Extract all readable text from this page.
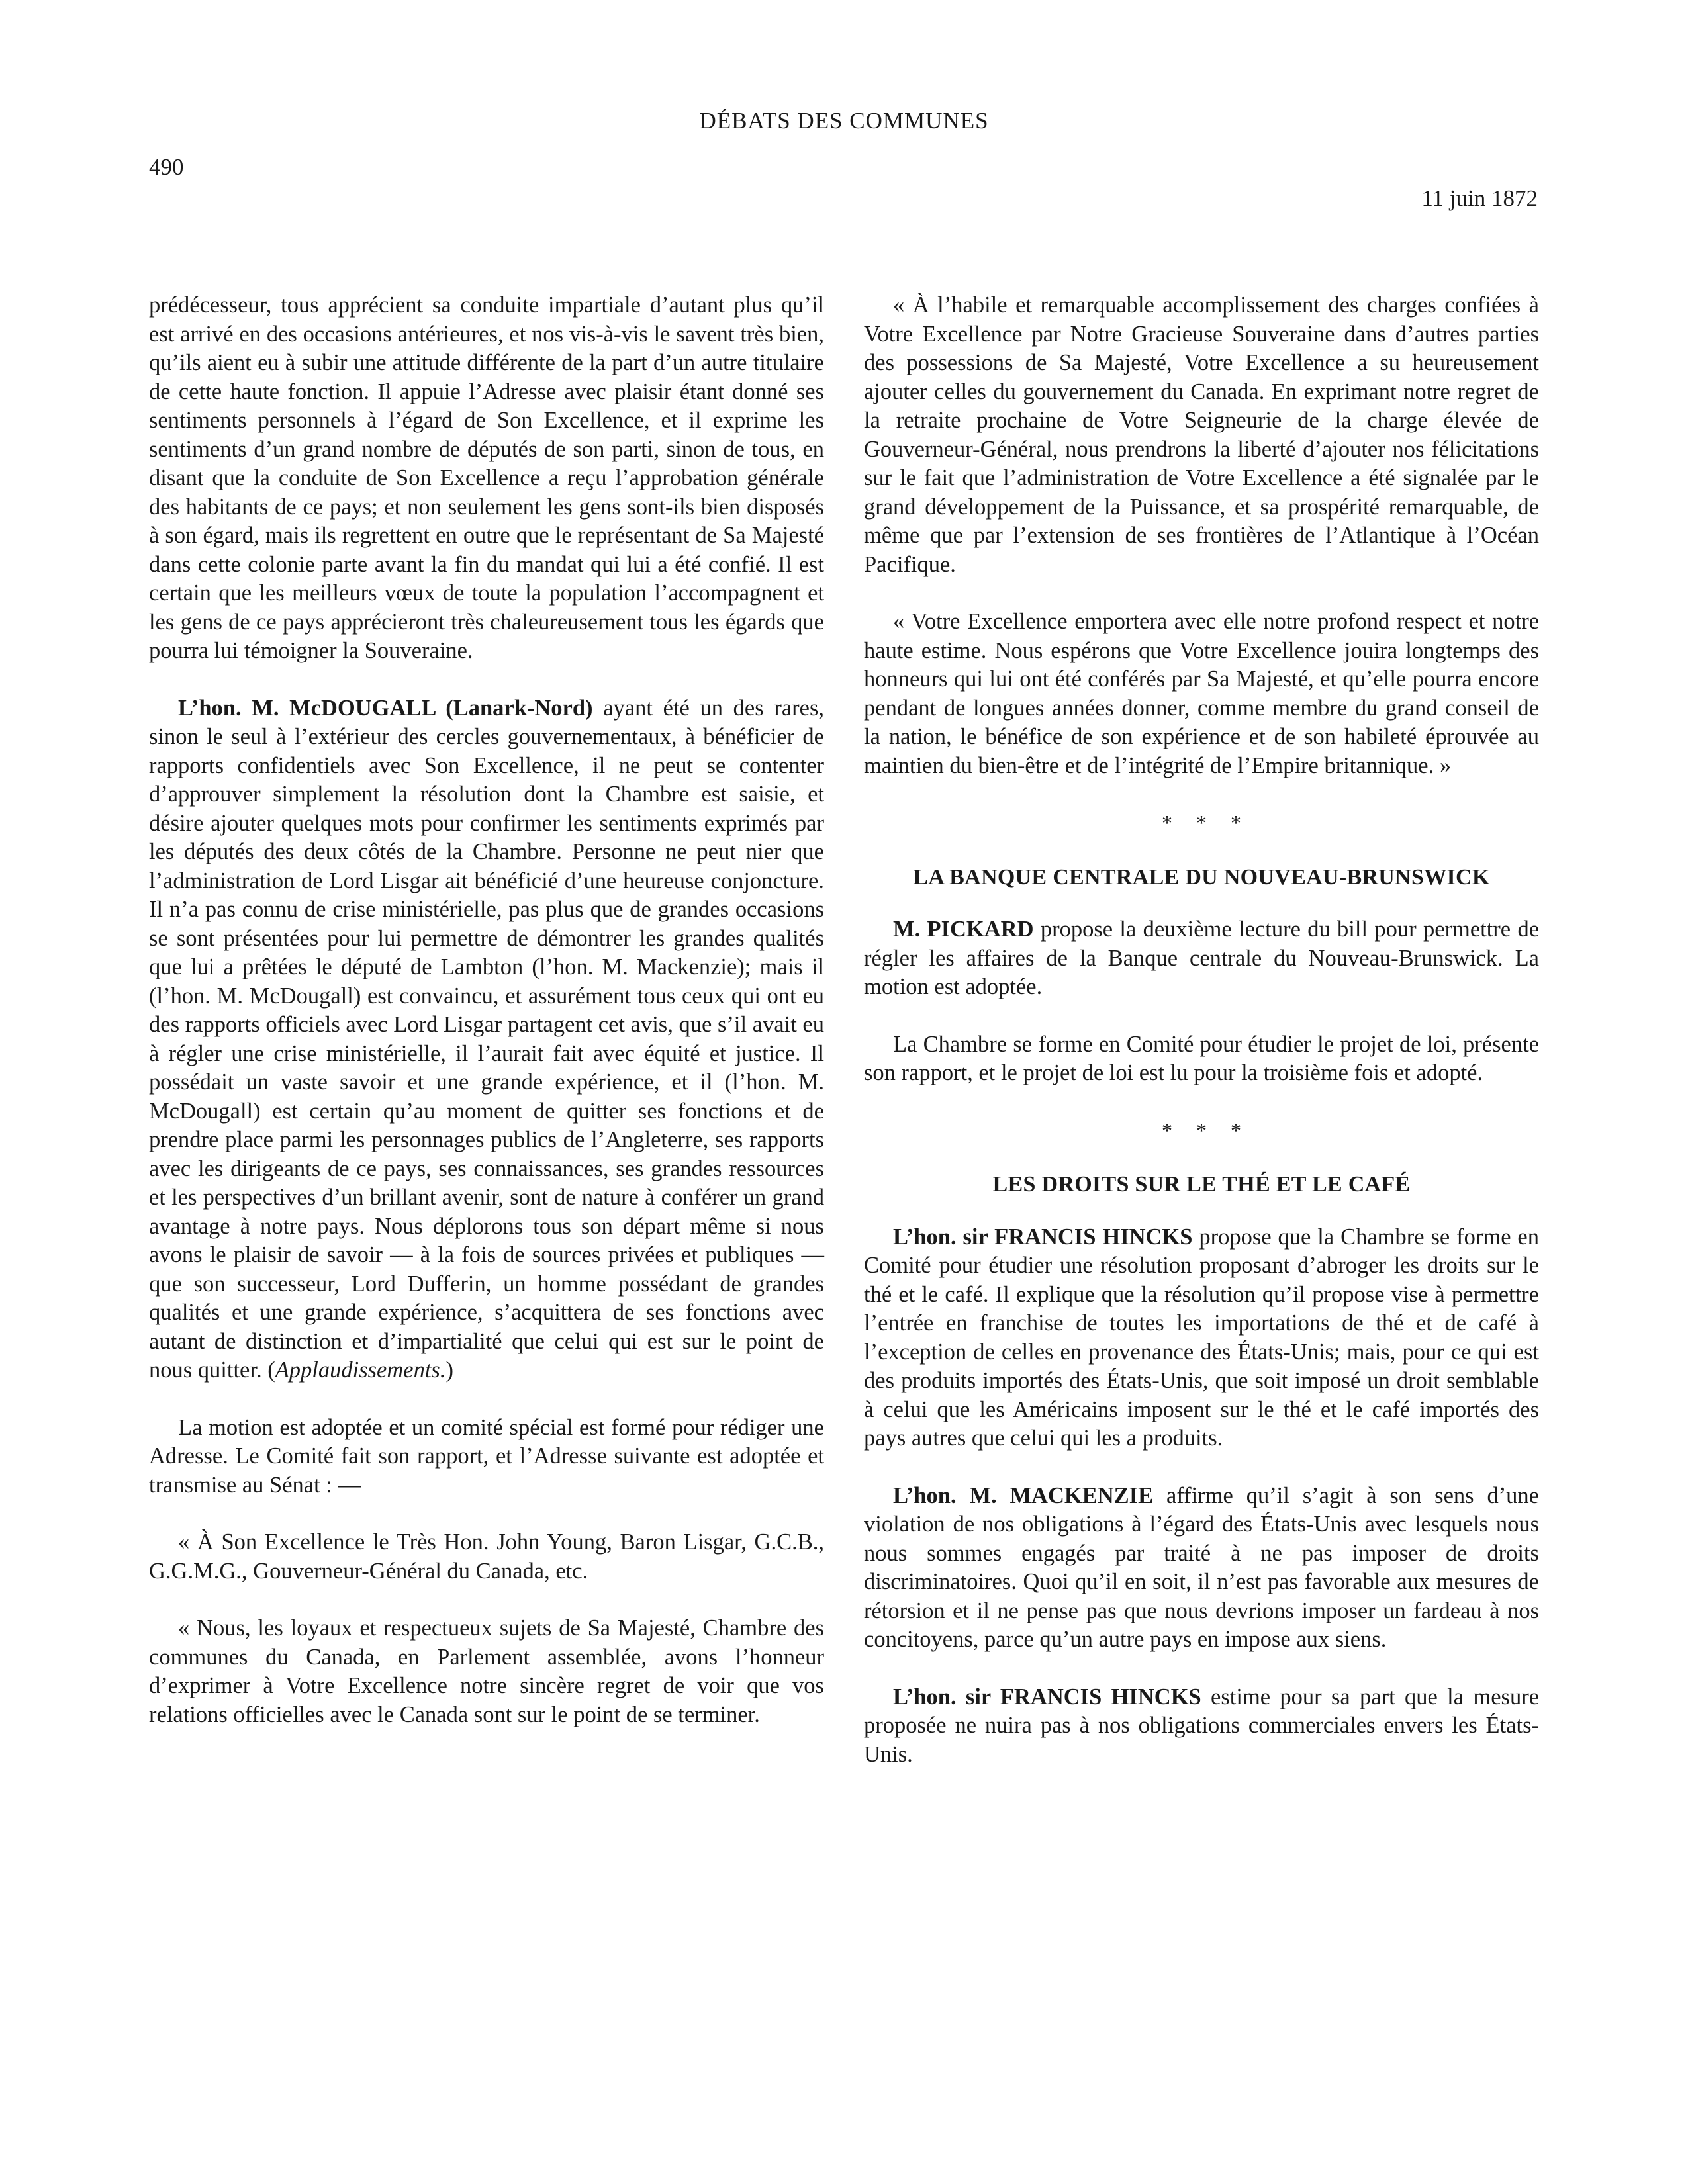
DÉBATS DES COMMUNES
490
11 juin 1872

prédécesseur, tous apprécient sa conduite impartiale d’autant plus qu’il est arrivé en des occasions antérieures, et nos vis-à-vis le savent très bien, qu’ils aient eu à subir une attitude différente de la part d’un autre titulaire de cette haute fonction. Il appuie l’Adresse avec plaisir étant donné ses sentiments personnels à l’égard de Son Excellence, et il exprime les sentiments d’un grand nombre de députés de son parti, sinon de tous, en disant que la conduite de Son Excellence a reçu l’approbation générale des habitants de ce pays; et non seulement les gens sont-ils bien disposés à son égard, mais ils regrettent en outre que le représentant de Sa Majesté dans cette colonie parte avant la fin du mandat qui lui a été confié. Il est certain que les meilleurs vœux de toute la population l’accompagnent et les gens de ce pays apprécieront très chaleureusement tous les égards que pourra lui témoigner la Souveraine.

L’hon. M. McDOUGALL (Lanark-Nord) ayant été un des rares, sinon le seul à l’extérieur des cercles gouvernementaux, à bénéficier de rapports confidentiels avec Son Excellence, il ne peut se contenter d’approuver simplement la résolution dont la Chambre est saisie, et désire ajouter quelques mots pour confirmer les sentiments exprimés par les députés des deux côtés de la Chambre. Personne ne peut nier que l’administration de Lord Lisgar ait bénéficié d’une heureuse conjoncture. Il n’a pas connu de crise ministérielle, pas plus que de grandes occasions se sont présentées pour lui permettre de démontrer les grandes qualités que lui a prêtées le député de Lambton (l’hon. M. Mackenzie); mais il (l’hon. M. McDougall) est convaincu, et assurément tous ceux qui ont eu des rapports officiels avec Lord Lisgar partagent cet avis, que s’il avait eu à régler une crise ministérielle, il l’aurait fait avec équité et justice. Il possédait un vaste savoir et une grande expérience, et il (l’hon. M. McDougall) est certain qu’au moment de quitter ses fonctions et de prendre place parmi les personnages publics de l’Angleterre, ses rapports avec les dirigeants de ce pays, ses connaissances, ses grandes ressources et les perspectives d’un brillant avenir, sont de nature à conférer un grand avantage à notre pays. Nous déplorons tous son départ même si nous avons le plaisir de savoir — à la fois de sources privées et publiques — que son successeur, Lord Dufferin, un homme possédant de grandes qualités et une grande expérience, s’acquittera de ses fonctions avec autant de distinction et d’impartialité que celui qui est sur le point de nous quitter. (Applaudissements.)

La motion est adoptée et un comité spécial est formé pour rédiger une Adresse. Le Comité fait son rapport, et l’Adresse suivante est adoptée et transmise au Sénat : —

« À Son Excellence le Très Hon. John Young, Baron Lisgar, G.C.B., G.G.M.G., Gouverneur-Général du Canada, etc.

« Nous, les loyaux et respectueux sujets de Sa Majesté, Chambre des communes du Canada, en Parlement assemblée, avons l’honneur d’exprimer à Votre Excellence notre sincère regret de voir que vos relations officielles avec le Canada sont sur le point de se terminer.

« À l’habile et remarquable accomplissement des charges confiées à Votre Excellence par Notre Gracieuse Souveraine dans d’autres parties des possessions de Sa Majesté, Votre Excellence a su heureusement ajouter celles du gouvernement du Canada. En exprimant notre regret de la retraite prochaine de Votre Seigneurie de la charge élevée de Gouverneur-Général, nous prendrons la liberté d’ajouter nos félicitations sur le fait que l’administration de Votre Excellence a été signalée par le grand développement de la Puissance, et sa prospérité remarquable, de même que par l’extension de ses frontières de l’Atlantique à l’Océan Pacifique.

« Votre Excellence emportera avec elle notre profond respect et notre haute estime. Nous espérons que Votre Excellence jouira longtemps des honneurs qui lui ont été conférés par Sa Majesté, et qu’elle pourra encore pendant de longues années donner, comme membre du grand conseil de la nation, le bénéfice de son expérience et de son habileté éprouvée au maintien du bien-être et de l’intégrité de l’Empire britannique. »

* * *
LA BANQUE CENTRALE DU NOUVEAU-BRUNSWICK

M. PICKARD propose la deuxième lecture du bill pour permettre de régler les affaires de la Banque centrale du Nouveau-Brunswick. La motion est adoptée.

La Chambre se forme en Comité pour étudier le projet de loi, présente son rapport, et le projet de loi est lu pour la troisième fois et adopté.

* * *
LES DROITS SUR LE THÉ ET LE CAFÉ

L’hon. sir FRANCIS HINCKS propose que la Chambre se forme en Comité pour étudier une résolution proposant d’abroger les droits sur le thé et le café. Il explique que la résolution qu’il propose vise à permettre l’entrée en franchise de toutes les importations de thé et de café à l’exception de celles en provenance des États-Unis; mais, pour ce qui est des produits importés des États-Unis, que soit imposé un droit semblable à celui que les Américains imposent sur le thé et le café importés des pays autres que celui qui les a produits.

L’hon. M. MACKENZIE affirme qu’il s’agit à son sens d’une violation de nos obligations à l’égard des États-Unis avec lesquels nous nous sommes engagés par traité à ne pas imposer de droits discriminatoires. Quoi qu’il en soit, il n’est pas favorable aux mesures de rétorsion et il ne pense pas que nous devrions imposer un fardeau à nos concitoyens, parce qu’un autre pays en impose aux siens.

L’hon. sir FRANCIS HINCKS estime pour sa part que la mesure proposée ne nuira pas à nos obligations commerciales envers les États-Unis.
